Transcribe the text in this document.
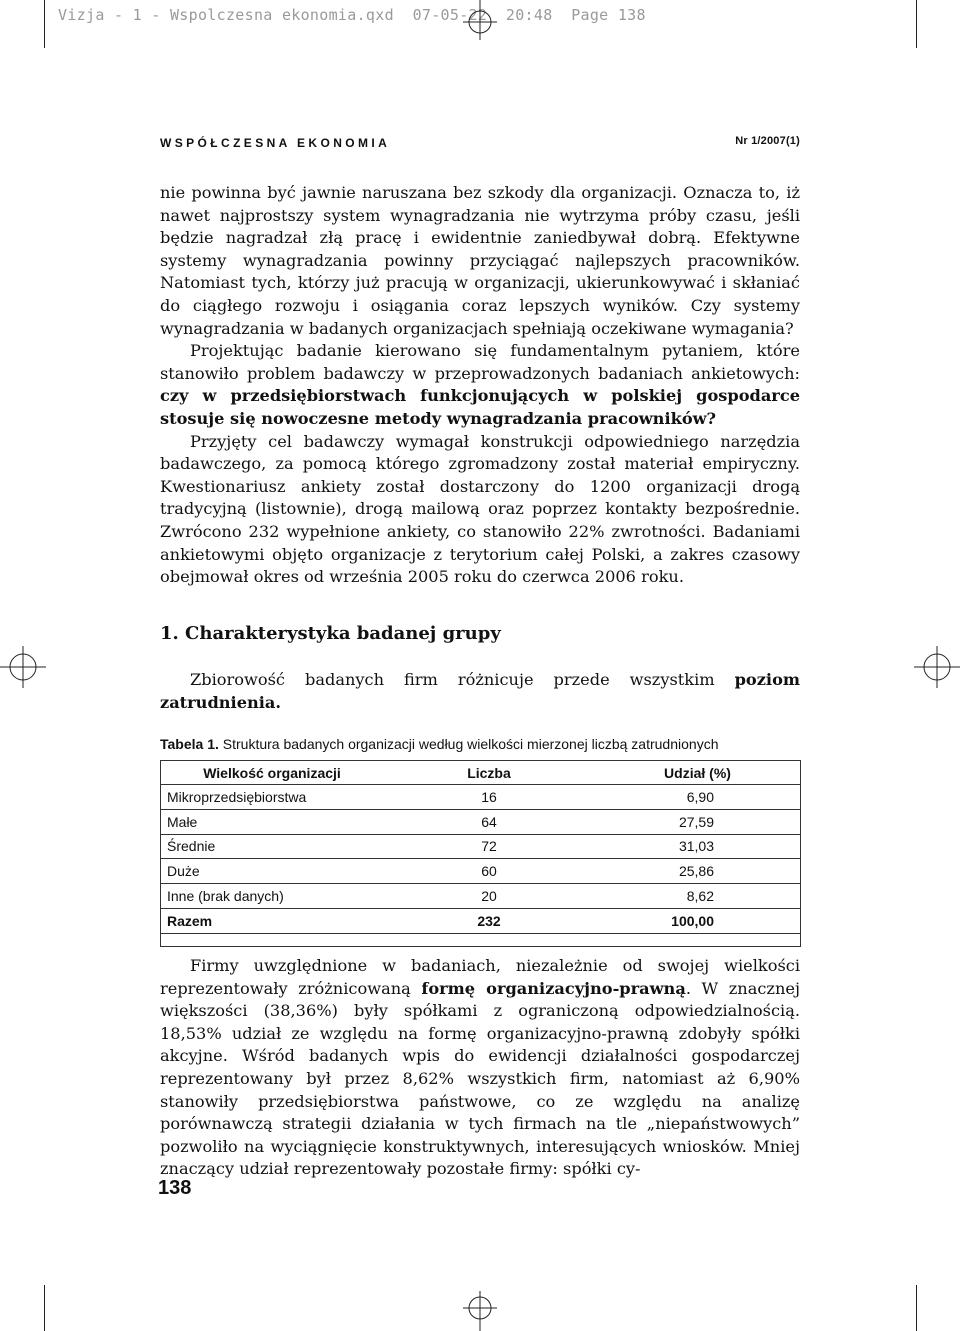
Vizja - 1 - Wspolczesna ekonomia.qxd  07-05-22  20:48  Page 138
WSPÓŁCZESNA EKONOMIA	Nr 1/2007(1)

nie powinna być jawnie naruszana bez szkody dla organizacji. Oznacza to, iż nawet najprostszy system wynagradzania nie wytrzyma próby czasu, jeśli będzie nagradzał złą pracę i ewidentnie zaniedbywał dobrą. Efektywne systemy wynagradzania powinny przyciągać najlepszych pracowników. Natomiast tych, którzy już pracują w organizacji, ukierunkowywać i skłaniać do ciągłego rozwoju i osiągania coraz lepszych wyników. Czy systemy wynagradzania w badanych organizacjach spełniają oczekiwane wymagania?

Projektując badanie kierowano się fundamentalnym pytaniem, które stanowiło problem badawczy w przeprowadzonych badaniach ankietowych: czy w przedsiębiorstwach funkcjonujących w polskiej gospodarce stosuje się nowoczesne metody wynagradzania pracowników?

Przyjęty cel badawczy wymagał konstrukcji odpowiedniego narzędzia badawczego, za pomocą którego zgromadzony został materiał empiryczny. Kwestionariusz ankiety został dostarczony do 1200 organizacji drogą tradycyjną (listownie), drogą mailową oraz poprzez kontakty bezpośrednie. Zwrócono 232 wypełnione ankiety, co stanowiło 22% zwrotności. Badaniami ankietowymi objęto organizacje z terytorium całej Polski, a zakres czasowy obejmował okres od września 2005 roku do czerwca 2006 roku.

1. Charakterystyka badanej grupy

Zbiorowość badanych firm różnicuje przede wszystkim poziom zatrudnienia.

Tabela 1. Struktura badanych organizacji według wielkości mierzonej liczbą zatrudnionych
Wielkość organizacji	Liczba	Udział (%)
Mikroprzedsiębiorstwa	16	6,90
Małe	64	27,59
Średnie	72	31,03
Duże	60	25,86
Inne (brak danych)	20	8,62
Razem	232	100,00

Firmy uwzględnione w badaniach, niezależnie od swojej wielkości reprezentowały zróżnicowaną formę organizacyjno-prawną. W znacznej większości (38,36%) były spółkami z ograniczoną odpowiedzialnością. 18,53% udział ze względu na formę organizacyjno-prawną zdobyły spółki akcyjne. Wśród badanych wpis do ewidencji działalności gospodarczej reprezentowany był przez 8,62% wszystkich firm, natomiast aż 6,90% stanowiły przedsiębiorstwa państwowe, co ze względu na analizę porównawczą strategii działania w tych firmach na tle „niepaństwowych” pozwoliło na wyciągnięcie konstruktywnych, interesujących wniosków. Mniej znaczący udział reprezentowały pozostałe firmy: spółki cy-

138
